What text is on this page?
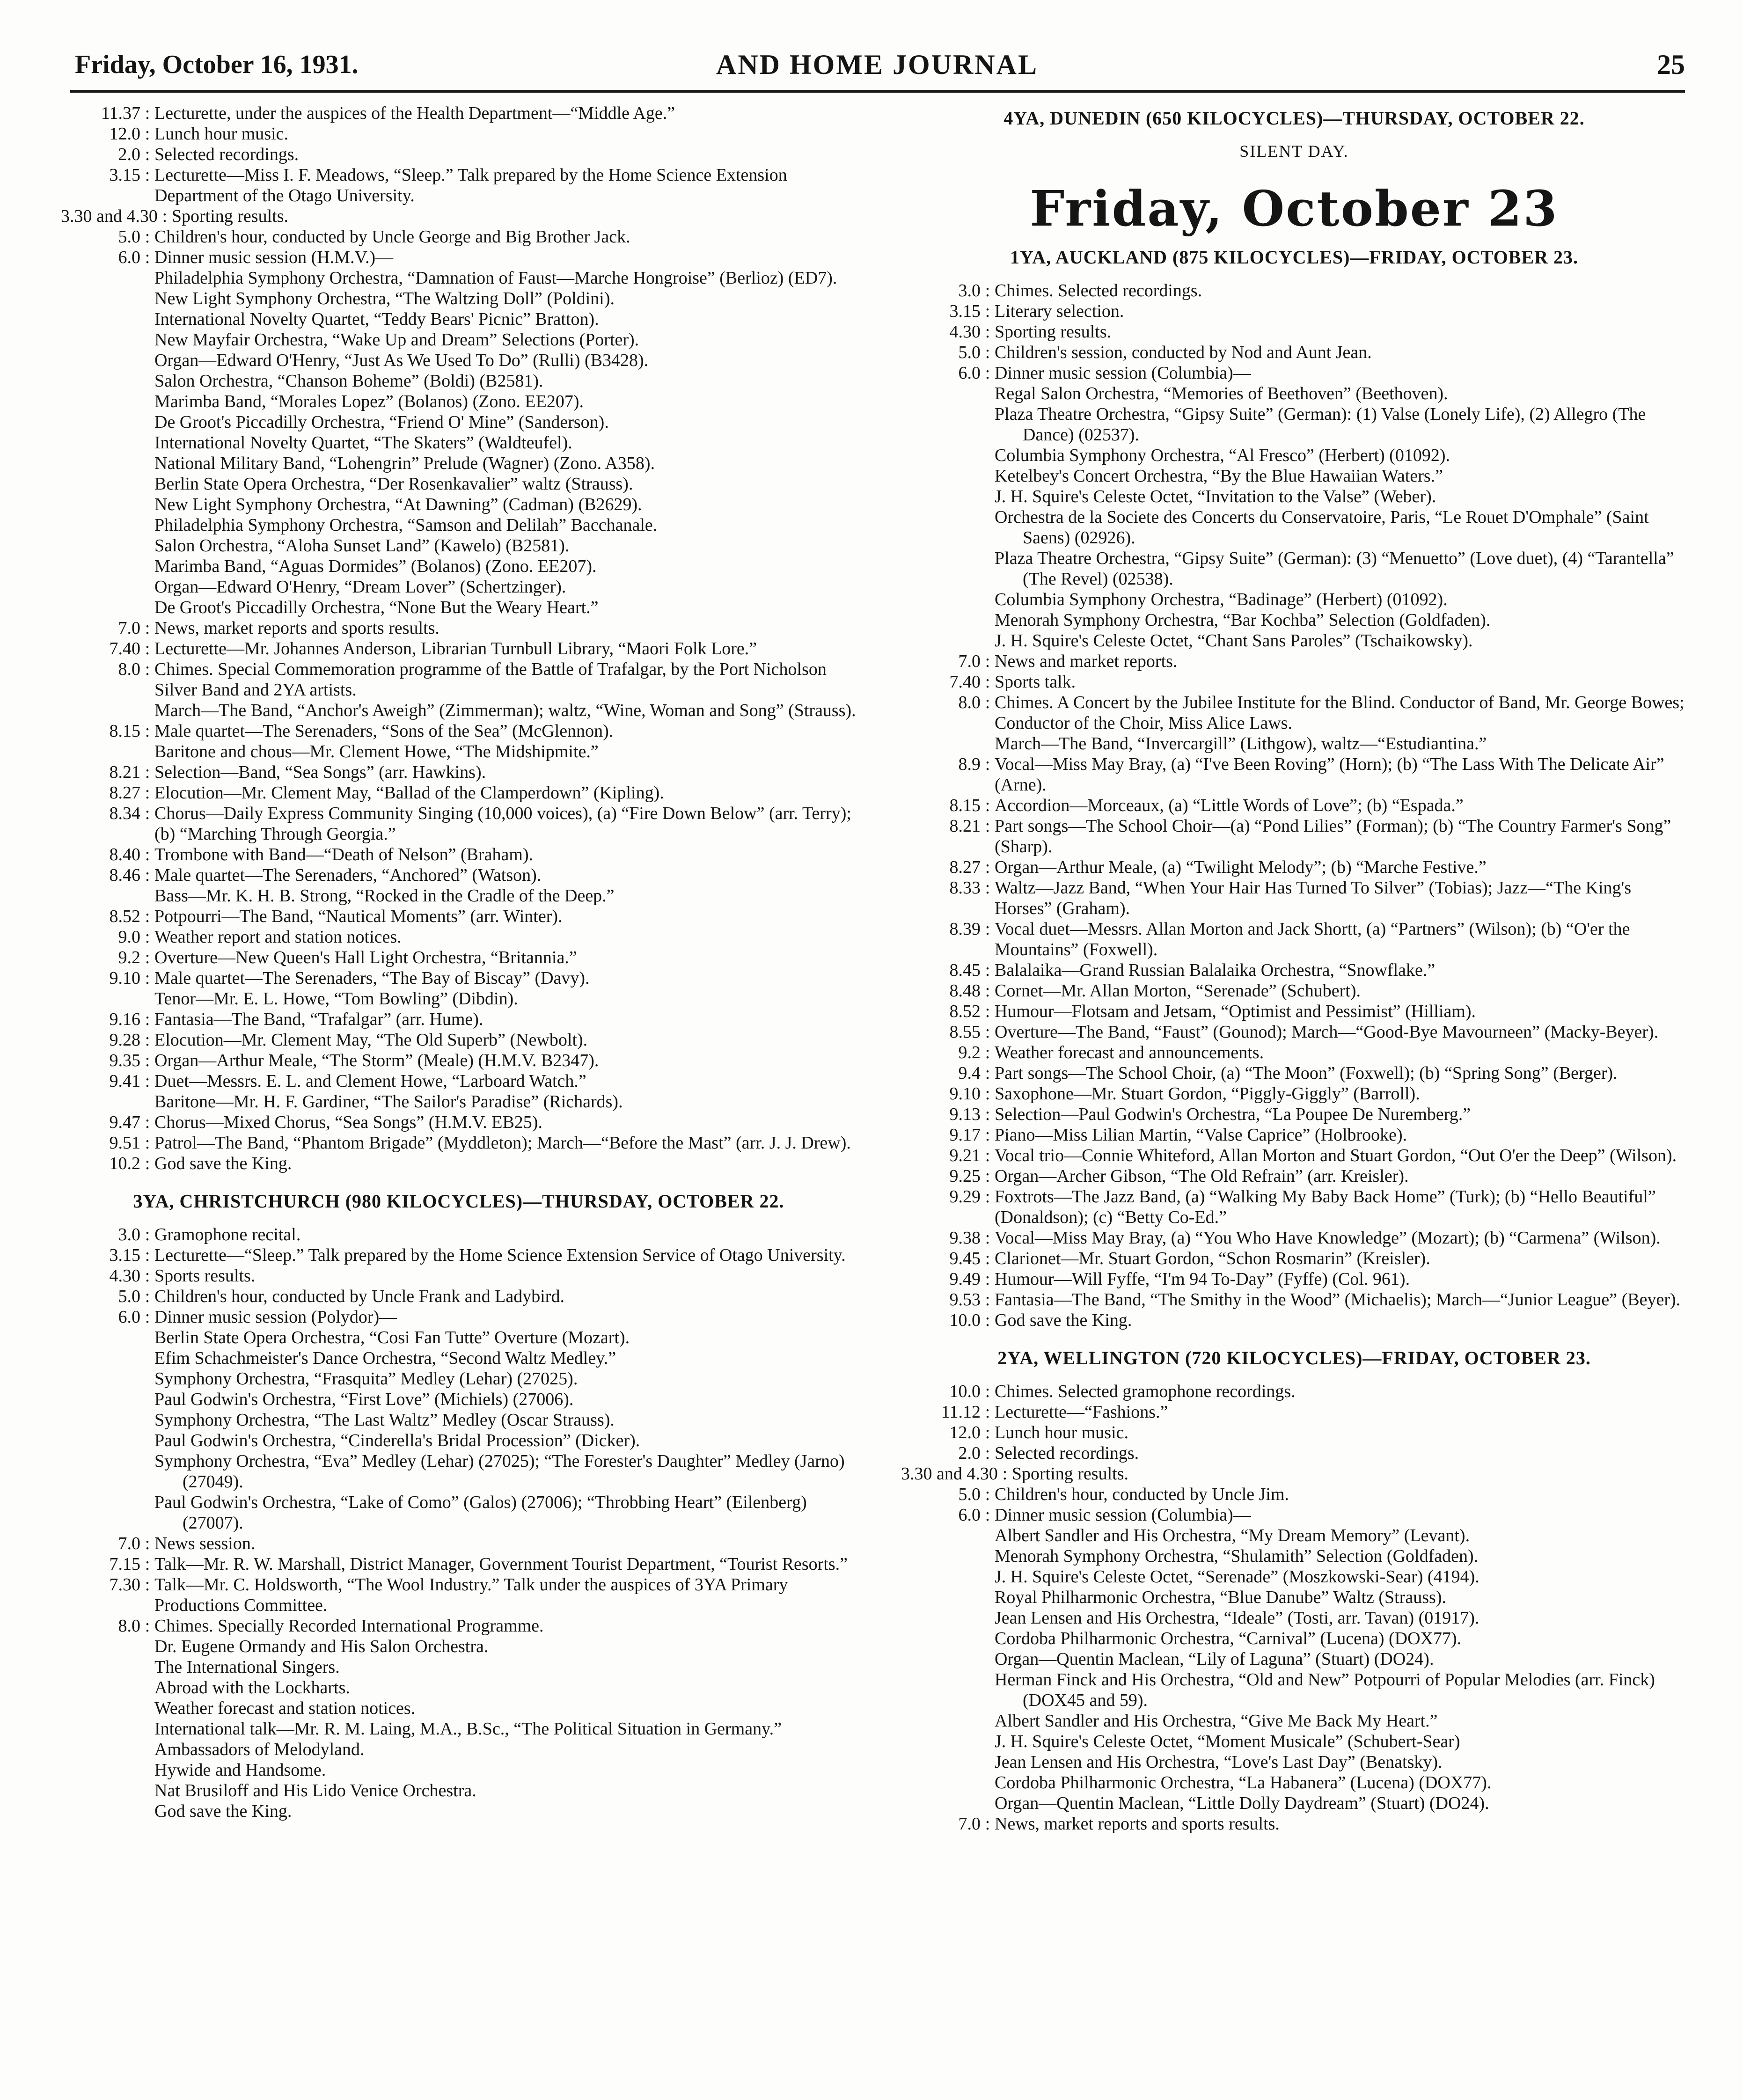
Friday, October 16, 1931.	AND HOME JOURNAL	25
11.37 : Lecturette, under the auspices of the Health Department—“Middle Age.”
12.0 : Lunch hour music.
2.0 : Selected recordings.
3.15 : Lecturette—Miss I. F. Meadows, “Sleep.” Talk prepared by the Home Science Extension Department of the Otago University.
3.30 and 4.30 : Sporting results.
5.0 : Children's hour, conducted by Uncle George and Big Brother Jack.
6.0 : Dinner music session (H.M.V.)—
Philadelphia Symphony Orchestra, “Damnation of Faust—Marche Hongroise” (Berlioz) (ED7).
New Light Symphony Orchestra, “The Waltzing Doll” (Poldini).
International Novelty Quartet, “Teddy Bears' Picnic” Bratton).
New Mayfair Orchestra, “Wake Up and Dream” Selections (Porter).
Organ—Edward O'Henry, “Just As We Used To Do” (Rulli) (B3428).
Salon Orchestra, “Chanson Boheme” (Boldi) (B2581).
Marimba Band, “Morales Lopez” (Bolanos) (Zono. EE207).
De Groot's Piccadilly Orchestra, “Friend O' Mine” (Sanderson).
International Novelty Quartet, “The Skaters” (Waldteufel).
National Military Band, “Lohengrin” Prelude (Wagner) (Zono. A358).
Berlin State Opera Orchestra, “Der Rosenkavalier” waltz (Strauss).
New Light Symphony Orchestra, “At Dawning” (Cadman) (B2629).
Philadelphia Symphony Orchestra, “Samson and Delilah” Bacchanale.
Salon Orchestra, “Aloha Sunset Land” (Kawelo) (B2581).
Marimba Band, “Aguas Dormides” (Bolanos) (Zono. EE207).
Organ—Edward O'Henry, “Dream Lover” (Schertzinger).
De Groot's Piccadilly Orchestra, “None But the Weary Heart.”
7.0 : News, market reports and sports results.
7.40 : Lecturette—Mr. Johannes Anderson, Librarian Turnbull Library, “Maori Folk Lore.”
8.0 : Chimes. Special Commemoration programme of the Battle of Trafalgar, by the Port Nicholson Silver Band and 2YA artists.
March—The Band, “Anchor's Aweigh” (Zimmerman); waltz, “Wine, Woman and Song” (Strauss).
8.15 : Male quartet—The Serenaders, “Sons of the Sea” (McGlennon).
Baritone and chous—Mr. Clement Howe, “The Midshipmite.”
8.21 : Selection—Band, “Sea Songs” (arr. Hawkins).
8.27 : Elocution—Mr. Clement May, “Ballad of the Clamperdown” (Kipling).
8.34 : Chorus—Daily Express Community Singing (10,000 voices), (a) “Fire Down Below” (arr. Terry); (b) “Marching Through Georgia.”
8.40 : Trombone with Band—“Death of Nelson” (Braham).
8.46 : Male quartet—The Serenaders, “Anchored” (Watson).
Bass—Mr. K. H. B. Strong, “Rocked in the Cradle of the Deep.”
8.52 : Potpourri—The Band, “Nautical Moments” (arr. Winter).
9.0 : Weather report and station notices.
9.2 : Overture—New Queen's Hall Light Orchestra, “Britannia.”
9.10 : Male quartet—The Serenaders, “The Bay of Biscay” (Davy).
Tenor—Mr. E. L. Howe, “Tom Bowling” (Dibdin).
9.16 : Fantasia—The Band, “Trafalgar” (arr. Hume).
9.28 : Elocution—Mr. Clement May, “The Old Superb” (Newbolt).
9.35 : Organ—Arthur Meale, “The Storm” (Meale) (H.M.V. B2347).
9.41 : Duet—Messrs. E. L. and Clement Howe, “Larboard Watch.”
Baritone—Mr. H. F. Gardiner, “The Sailor's Paradise” (Richards).
9.47 : Chorus—Mixed Chorus, “Sea Songs” (H.M.V. EB25).
9.51 : Patrol—The Band, “Phantom Brigade” (Myddleton); March—“Before the Mast” (arr. J. J. Drew).
10.2 : God save the King.
3YA, CHRISTCHURCH (980 KILOCYCLES)—THURSDAY, OCTOBER 22.
3.0 : Gramophone recital.
3.15 : Lecturette—“Sleep.” Talk prepared by the Home Science Extension Service of Otago University.
4.30 : Sports results.
5.0 : Children's hour, conducted by Uncle Frank and Ladybird.
6.0 : Dinner music session (Polydor)—
Berlin State Opera Orchestra, “Cosi Fan Tutte” Overture (Mozart).
Efim Schachmeister's Dance Orchestra, “Second Waltz Medley.”
Symphony Orchestra, “Frasquita” Medley (Lehar) (27025).
Paul Godwin's Orchestra, “First Love” (Michiels) (27006).
Symphony Orchestra, “The Last Waltz” Medley (Oscar Strauss).
Paul Godwin's Orchestra, “Cinderella's Bridal Procession” (Dicker).
Symphony Orchestra, “Eva” Medley (Lehar) (27025); “The Forester's Daughter” Medley (Jarno) (27049).
Paul Godwin's Orchestra, “Lake of Como” (Galos) (27006); “Throbbing Heart” (Eilenberg) (27007).
7.0 : News session.
7.15 : Talk—Mr. R. W. Marshall, District Manager, Government Tourist Department, “Tourist Resorts.”
7.30 : Talk—Mr. C. Holdsworth, “The Wool Industry.” Talk under the auspices of 3YA Primary Productions Committee.
8.0 : Chimes. Specially Recorded International Programme.
Dr. Eugene Ormandy and His Salon Orchestra.
The International Singers.
Abroad with the Lockharts.
Weather forecast and station notices.
International talk—Mr. R. M. Laing, M.A., B.Sc., “The Political Situation in Germany.”
Ambassadors of Melodyland.
Hywide and Handsome.
Nat Brusiloff and His Lido Venice Orchestra.
God save the King.
4YA, DUNEDIN (650 KILOCYCLES)—THURSDAY, OCTOBER 22.
SILENT DAY.
Friday, October 23
1YA, AUCKLAND (875 KILOCYCLES)—FRIDAY, OCTOBER 23.
3.0 : Chimes. Selected recordings.
3.15 : Literary selection.
4.30 : Sporting results.
5.0 : Children's session, conducted by Nod and Aunt Jean.
6.0 : Dinner music session (Columbia)—
Regal Salon Orchestra, “Memories of Beethoven” (Beethoven).
Plaza Theatre Orchestra, “Gipsy Suite” (German): (1) Valse (Lonely Life), (2) Allegro (The Dance) (02537).
Columbia Symphony Orchestra, “Al Fresco” (Herbert) (01092).
Ketelbey's Concert Orchestra, “By the Blue Hawaiian Waters.”
J. H. Squire's Celeste Octet, “Invitation to the Valse” (Weber).
Orchestra de la Societe des Concerts du Conservatoire, Paris, “Le Rouet D'Omphale” (Saint Saens) (02926).
Plaza Theatre Orchestra, “Gipsy Suite” (German): (3) “Menuetto” (Love duet), (4) “Tarantella” (The Revel) (02538).
Columbia Symphony Orchestra, “Badinage” (Herbert) (01092).
Menorah Symphony Orchestra, “Bar Kochba” Selection (Goldfaden).
J. H. Squire's Celeste Octet, “Chant Sans Paroles” (Tschaikowsky).
7.0 : News and market reports.
7.40 : Sports talk.
8.0 : Chimes. A Concert by the Jubilee Institute for the Blind. Conductor of Band, Mr. George Bowes; Conductor of the Choir, Miss Alice Laws.
March—The Band, “Invercargill” (Lithgow), waltz—“Estudiantina.”
8.9 : Vocal—Miss May Bray, (a) “I've Been Roving” (Horn); (b) “The Lass With The Delicate Air” (Arne).
8.15 : Accordion—Morceaux, (a) “Little Words of Love”; (b) “Espada.”
8.21 : Part songs—The School Choir—(a) “Pond Lilies” (Forman); (b) “The Country Farmer's Song” (Sharp).
8.27 : Organ—Arthur Meale, (a) “Twilight Melody”; (b) “Marche Festive.”
8.33 : Waltz—Jazz Band, “When Your Hair Has Turned To Silver” (Tobias); Jazz—“The King's Horses” (Graham).
8.39 : Vocal duet—Messrs. Allan Morton and Jack Shortt, (a) “Partners” (Wilson); (b) “O'er the Mountains” (Foxwell).
8.45 : Balalaika—Grand Russian Balalaika Orchestra, “Snowflake.”
8.48 : Cornet—Mr. Allan Morton, “Serenade” (Schubert).
8.52 : Humour—Flotsam and Jetsam, “Optimist and Pessimist” (Hilliam).
8.55 : Overture—The Band, “Faust” (Gounod); March—“Good-Bye Mavourneen” (Macky-Beyer).
9.2 : Weather forecast and announcements.
9.4 : Part songs—The School Choir, (a) “The Moon” (Foxwell); (b) “Spring Song” (Berger).
9.10 : Saxophone—Mr. Stuart Gordon, “Piggly-Giggly” (Barroll).
9.13 : Selection—Paul Godwin's Orchestra, “La Poupee De Nuremberg.”
9.17 : Piano—Miss Lilian Martin, “Valse Caprice” (Holbrooke).
9.21 : Vocal trio—Connie Whiteford, Allan Morton and Stuart Gordon, “Out O'er the Deep” (Wilson).
9.25 : Organ—Archer Gibson, “The Old Refrain” (arr. Kreisler).
9.29 : Foxtrots—The Jazz Band, (a) “Walking My Baby Back Home” (Turk); (b) “Hello Beautiful” (Donaldson); (c) “Betty Co-Ed.”
9.38 : Vocal—Miss May Bray, (a) “You Who Have Knowledge” (Mozart); (b) “Carmena” (Wilson).
9.45 : Clarionet—Mr. Stuart Gordon, “Schon Rosmarin” (Kreisler).
9.49 : Humour—Will Fyffe, “I'm 94 To-Day” (Fyffe) (Col. 961).
9.53 : Fantasia—The Band, “The Smithy in the Wood” (Michaelis); March—“Junior League” (Beyer).
10.0 : God save the King.
2YA, WELLINGTON (720 KILOCYCLES)—FRIDAY, OCTOBER 23.
10.0 : Chimes. Selected gramophone recordings.
11.12 : Lecturette—“Fashions.”
12.0 : Lunch hour music.
2.0 : Selected recordings.
3.30 and 4.30 : Sporting results.
5.0 : Children's hour, conducted by Uncle Jim.
6.0 : Dinner music session (Columbia)—
Albert Sandler and His Orchestra, “My Dream Memory” (Levant).
Menorah Symphony Orchestra, “Shulamith” Selection (Goldfaden).
J. H. Squire's Celeste Octet, “Serenade” (Moszkowski-Sear) (4194).
Royal Philharmonic Orchestra, “Blue Danube” Waltz (Strauss).
Jean Lensen and His Orchestra, “Ideale” (Tosti, arr. Tavan) (01917).
Cordoba Philharmonic Orchestra, “Carnival” (Lucena) (DOX77).
Organ—Quentin Maclean, “Lily of Laguna” (Stuart) (DO24).
Herman Finck and His Orchestra, “Old and New” Potpourri of Popular Melodies (arr. Finck) (DOX45 and 59).
Albert Sandler and His Orchestra, “Give Me Back My Heart.”
J. H. Squire's Celeste Octet, “Moment Musicale” (Schubert-Sear)
Jean Lensen and His Orchestra, “Love's Last Day” (Benatsky).
Cordoba Philharmonic Orchestra, “La Habanera” (Lucena) (DOX77).
Organ—Quentin Maclean, “Little Dolly Daydream” (Stuart) (DO24).
7.0 : News, market reports and sports results.
